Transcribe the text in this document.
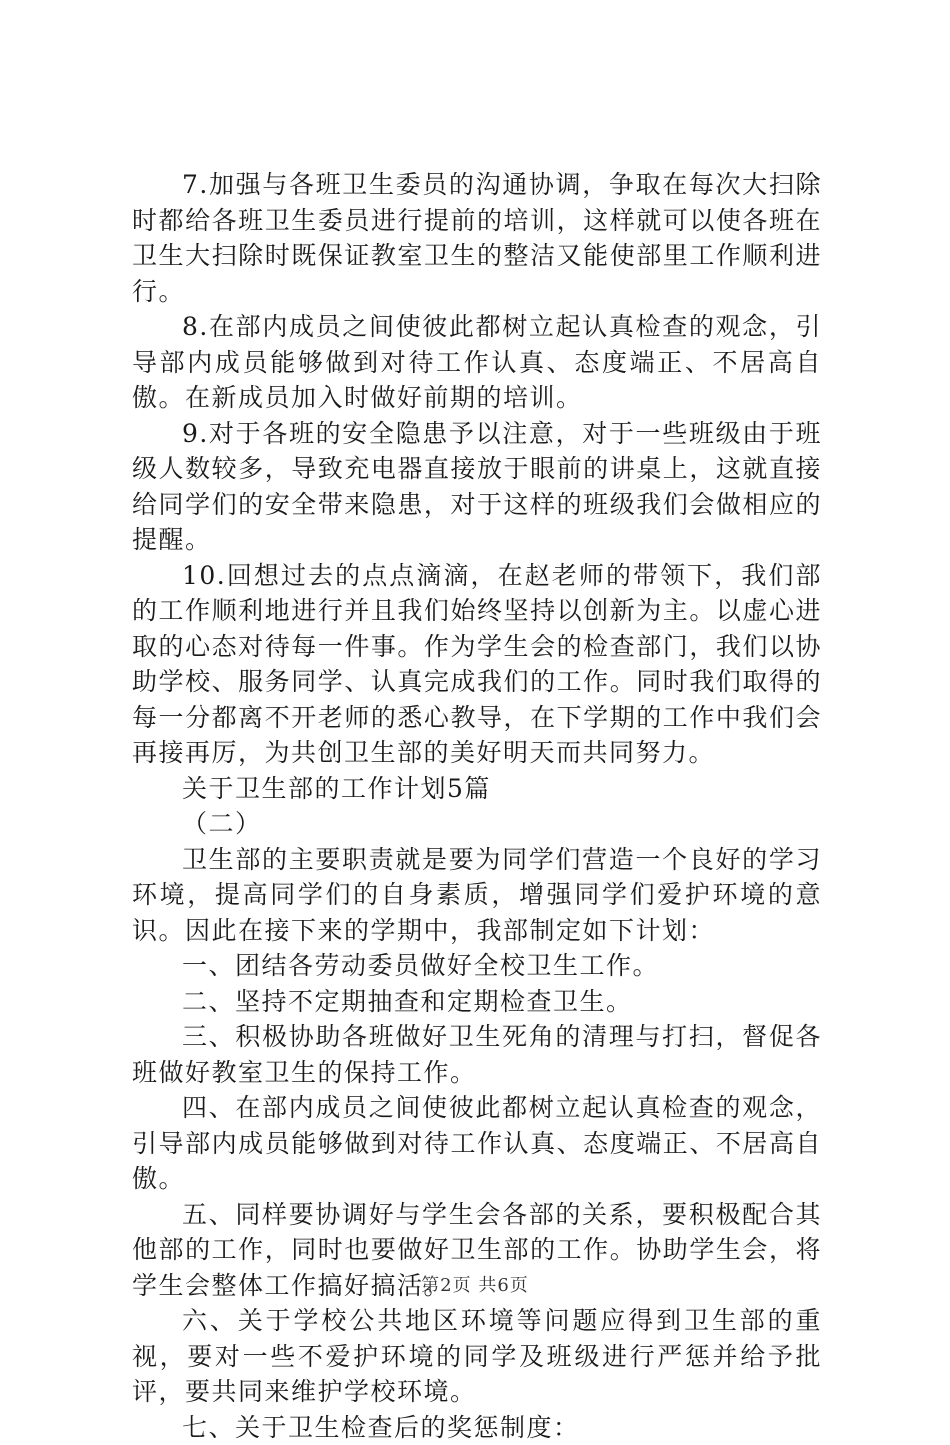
7.加强与各班卫生委员的沟通协调，争取在每次大扫除时都给各班卫生委员进行提前的培训，这样就可以使各班在卫生大扫除时既保证教室卫生的整洁又能使部里工作顺利进行。

8.在部内成员之间使彼此都树立起认真检查的观念，引导部内成员能够做到对待工作认真、态度端正、不居高自傲。在新成员加入时做好前期的培训。

9.对于各班的安全隐患予以注意，对于一些班级由于班级人数较多，导致充电器直接放于眼前的讲桌上，这就直接给同学们的安全带来隐患，对于这样的班级我们会做相应的提醒。

10.回想过去的点点滴滴，在赵老师的带领下，我们部的工作顺利地进行并且我们始终坚持以创新为主。以虚心进取的心态对待每一件事。作为学生会的检查部门，我们以协助学校、服务同学、认真完成我们的工作。同时我们取得的每一分都离不开老师的悉心教导，在下学期的工作中我们会再接再厉，为共创卫生部的美好明天而共同努力。

关于卫生部的工作计划5篇

（二）

卫生部的主要职责就是要为同学们营造一个良好的学习环境，提高同学们的自身素质，增强同学们爱护环境的意识。因此在接下来的学期中，我部制定如下计划：

一、团结各劳动委员做好全校卫生工作。

二、坚持不定期抽查和定期检查卫生。

三、积极协助各班做好卫生死角的清理与打扫，督促各班做好教室卫生的保持工作。

四、在部内成员之间使彼此都树立起认真检查的观念，引导部内成员能够做到对待工作认真、态度端正、不居高自傲。

五、同样要协调好与学生会各部的关系，要积极配合其他部的工作，同时也要做好卫生部的工作。协助学生会，将学生会整体工作搞好搞活。

六、关于学校公共地区环境等问题应得到卫生部的重视，要对一些不爱护环境的同学及班级进行严惩并给予批评，要共同来维护学校环境。

七、关于卫生检查后的奖惩制度：

第2页 共6页
